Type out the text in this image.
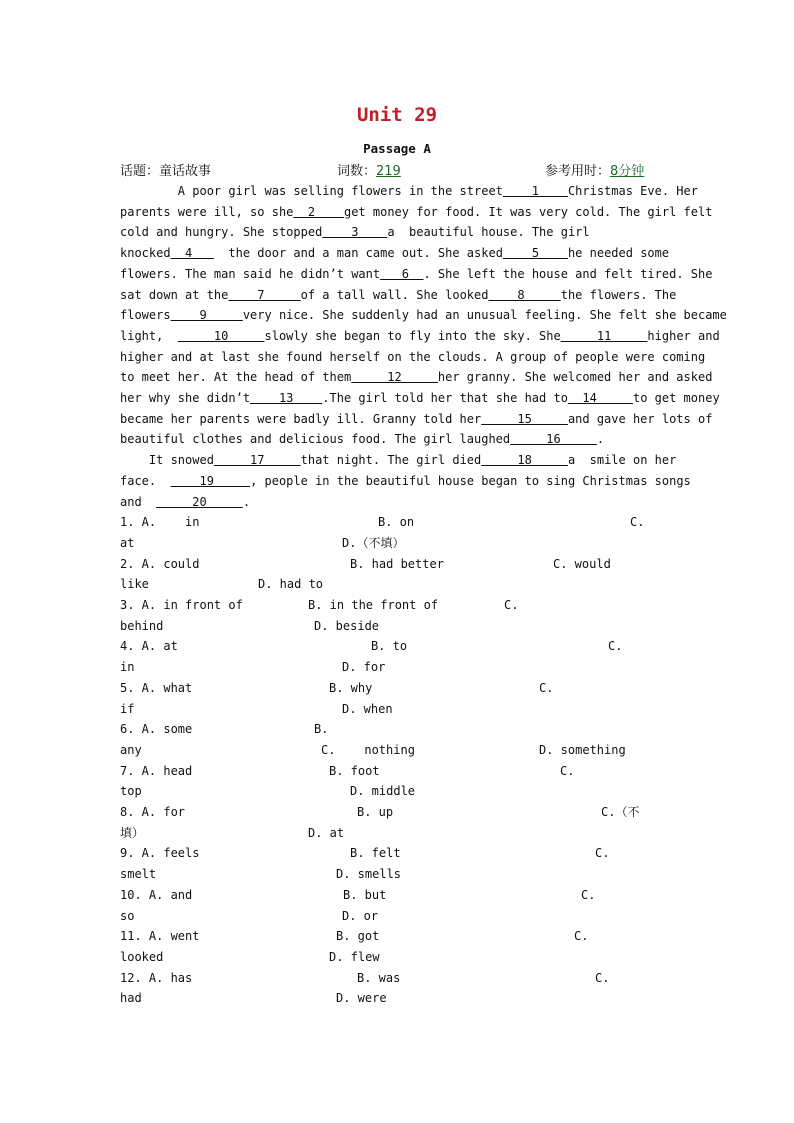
Unit 29
Passage A
话题：童话故事	词数：219	参考用时：8分钟
A poor girl was selling flowers in the street    1    Christmas Eve. Her
parents were ill, so she  2    get money for food. It was very cold. The girl felt
cold and hungry. She stopped    3    a  beautiful house. The girl
knocked  4     the door and a man came out. She asked    5    he needed some
flowers. The man said he didn’t want   6  . She left the house and felt tired. She
sat down at the    7     of a tall wall. She looked    8     the flowers. The
flowers    9     very nice. She suddenly had an unusual feeling. She felt she became
light,       10     slowly she began to fly into the sky. She     11     higher and
higher and at last she found herself on the clouds. A group of people were coming
to meet her. At the head of them     12     her granny. She welcomed her and asked
her why she didn’t    13    .The girl told her that she had to  14     to get money
became her parents were badly ill. Granny told her     15     and gave her lots of
beautiful clothes and delicious food. The girl laughed     16     .
It snowed     17     that night. The girl died     18     a  smile on her
face.      19     , people in the beautiful house began to sing Christmas songs
and       20     .
1. A.    in	B. on	C.
at	D.（不填）
2. A. could	B. had better	C. would
like	D. had to
3. A. in front of	B. in the front of	C.
behind	D. beside
4. A. at	B. to	C.
in	D. for
5. A. what	B. why	C.
if	D. when
6. A. some	B.
any	C.    nothing	D. something
7. A. head	B. foot	C.
top	D. middle
8. A. for	B. up	C.（不
填）	D. at
9. A. feels	B. felt	C.
smelt	D. smells
10. A. and	B. but	C.
so	D. or
11. A. went	B. got	C.
looked	D. flew
12. A. has	B. was	C.
had	D. were
